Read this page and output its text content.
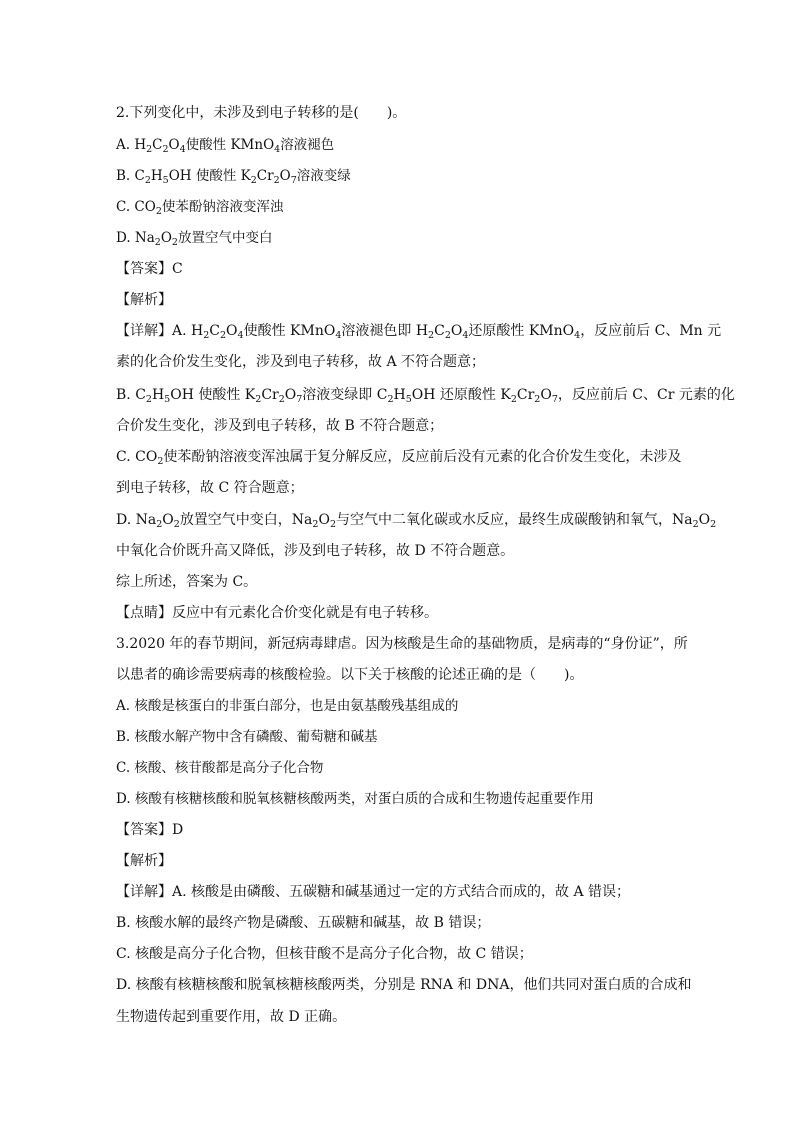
2.下列变化中，未涉及到电子转移的是(　　)。
A. $H_2C_2O_4$使酸性 KMnO$_4$溶液褪色
B. $C_2H_5OH$ 使酸性 $K_2Cr_2O_7$溶液变绿
C. $CO_2$使苯酚钠溶液变浑浊
D. $Na_2O_2$放置空气中变白
【答案】C
【解析】
【详解】A. $H_2C_2O_4$使酸性 KMnO$_4$溶液褪色即 $H_2C_2O_4$还原酸性 KMnO$_4$，反应前后 C、Mn 元
素的化合价发生变化，涉及到电子转移，故 A 不符合题意；
B. $C_2H_5OH$ 使酸性 $K_2Cr_2O_7$溶液变绿即 $C_2H_5OH$ 还原酸性 $K_2Cr_2O_7$，反应前后 C、Cr 元素的化
合价发生变化，涉及到电子转移，故 B 不符合题意；
C. $CO_2$使苯酚钠溶液变浑浊属于复分解反应，反应前后没有元素的化合价发生变化，未涉及
到电子转移，故 C 符合题意；
D. $Na_2O_2$放置空气中变白，$Na_2O_2$与空气中二氧化碳或水反应，最终生成碳酸钠和氧气，$Na_2O_2$
中氧化合价既升高又降低，涉及到电子转移，故 D 不符合题意。
综上所述，答案为 C。
【点睛】反应中有元素化合价变化就是有电子转移。
3.2020 年的春节期间，新冠病毒肆虐。因为核酸是生命的基础物质，是病毒的“身份证”，所
以患者的确诊需要病毒的核酸检验。以下关于核酸的论述正确的是（　　)。
A. 核酸是核蛋白的非蛋白部分，也是由氨基酸残基组成的
B. 核酸水解产物中含有磷酸、葡萄糖和碱基
C. 核酸、核苷酸都是高分子化合物
D. 核酸有核糖核酸和脱氧核糖核酸两类，对蛋白质的合成和生物遗传起重要作用
【答案】D
【解析】
【详解】A. 核酸是由磷酸、五碳糖和碱基通过一定的方式结合而成的，故 A 错误；
B. 核酸水解的最终产物是磷酸、五碳糖和碱基，故 B 错误；
C. 核酸是高分子化合物，但核苷酸不是高分子化合物，故 C 错误；
D. 核酸有核糖核酸和脱氧核糖核酸两类，分别是 RNA 和 DNA，他们共同对蛋白质的合成和
生物遗传起到重要作用，故 D 正确。
